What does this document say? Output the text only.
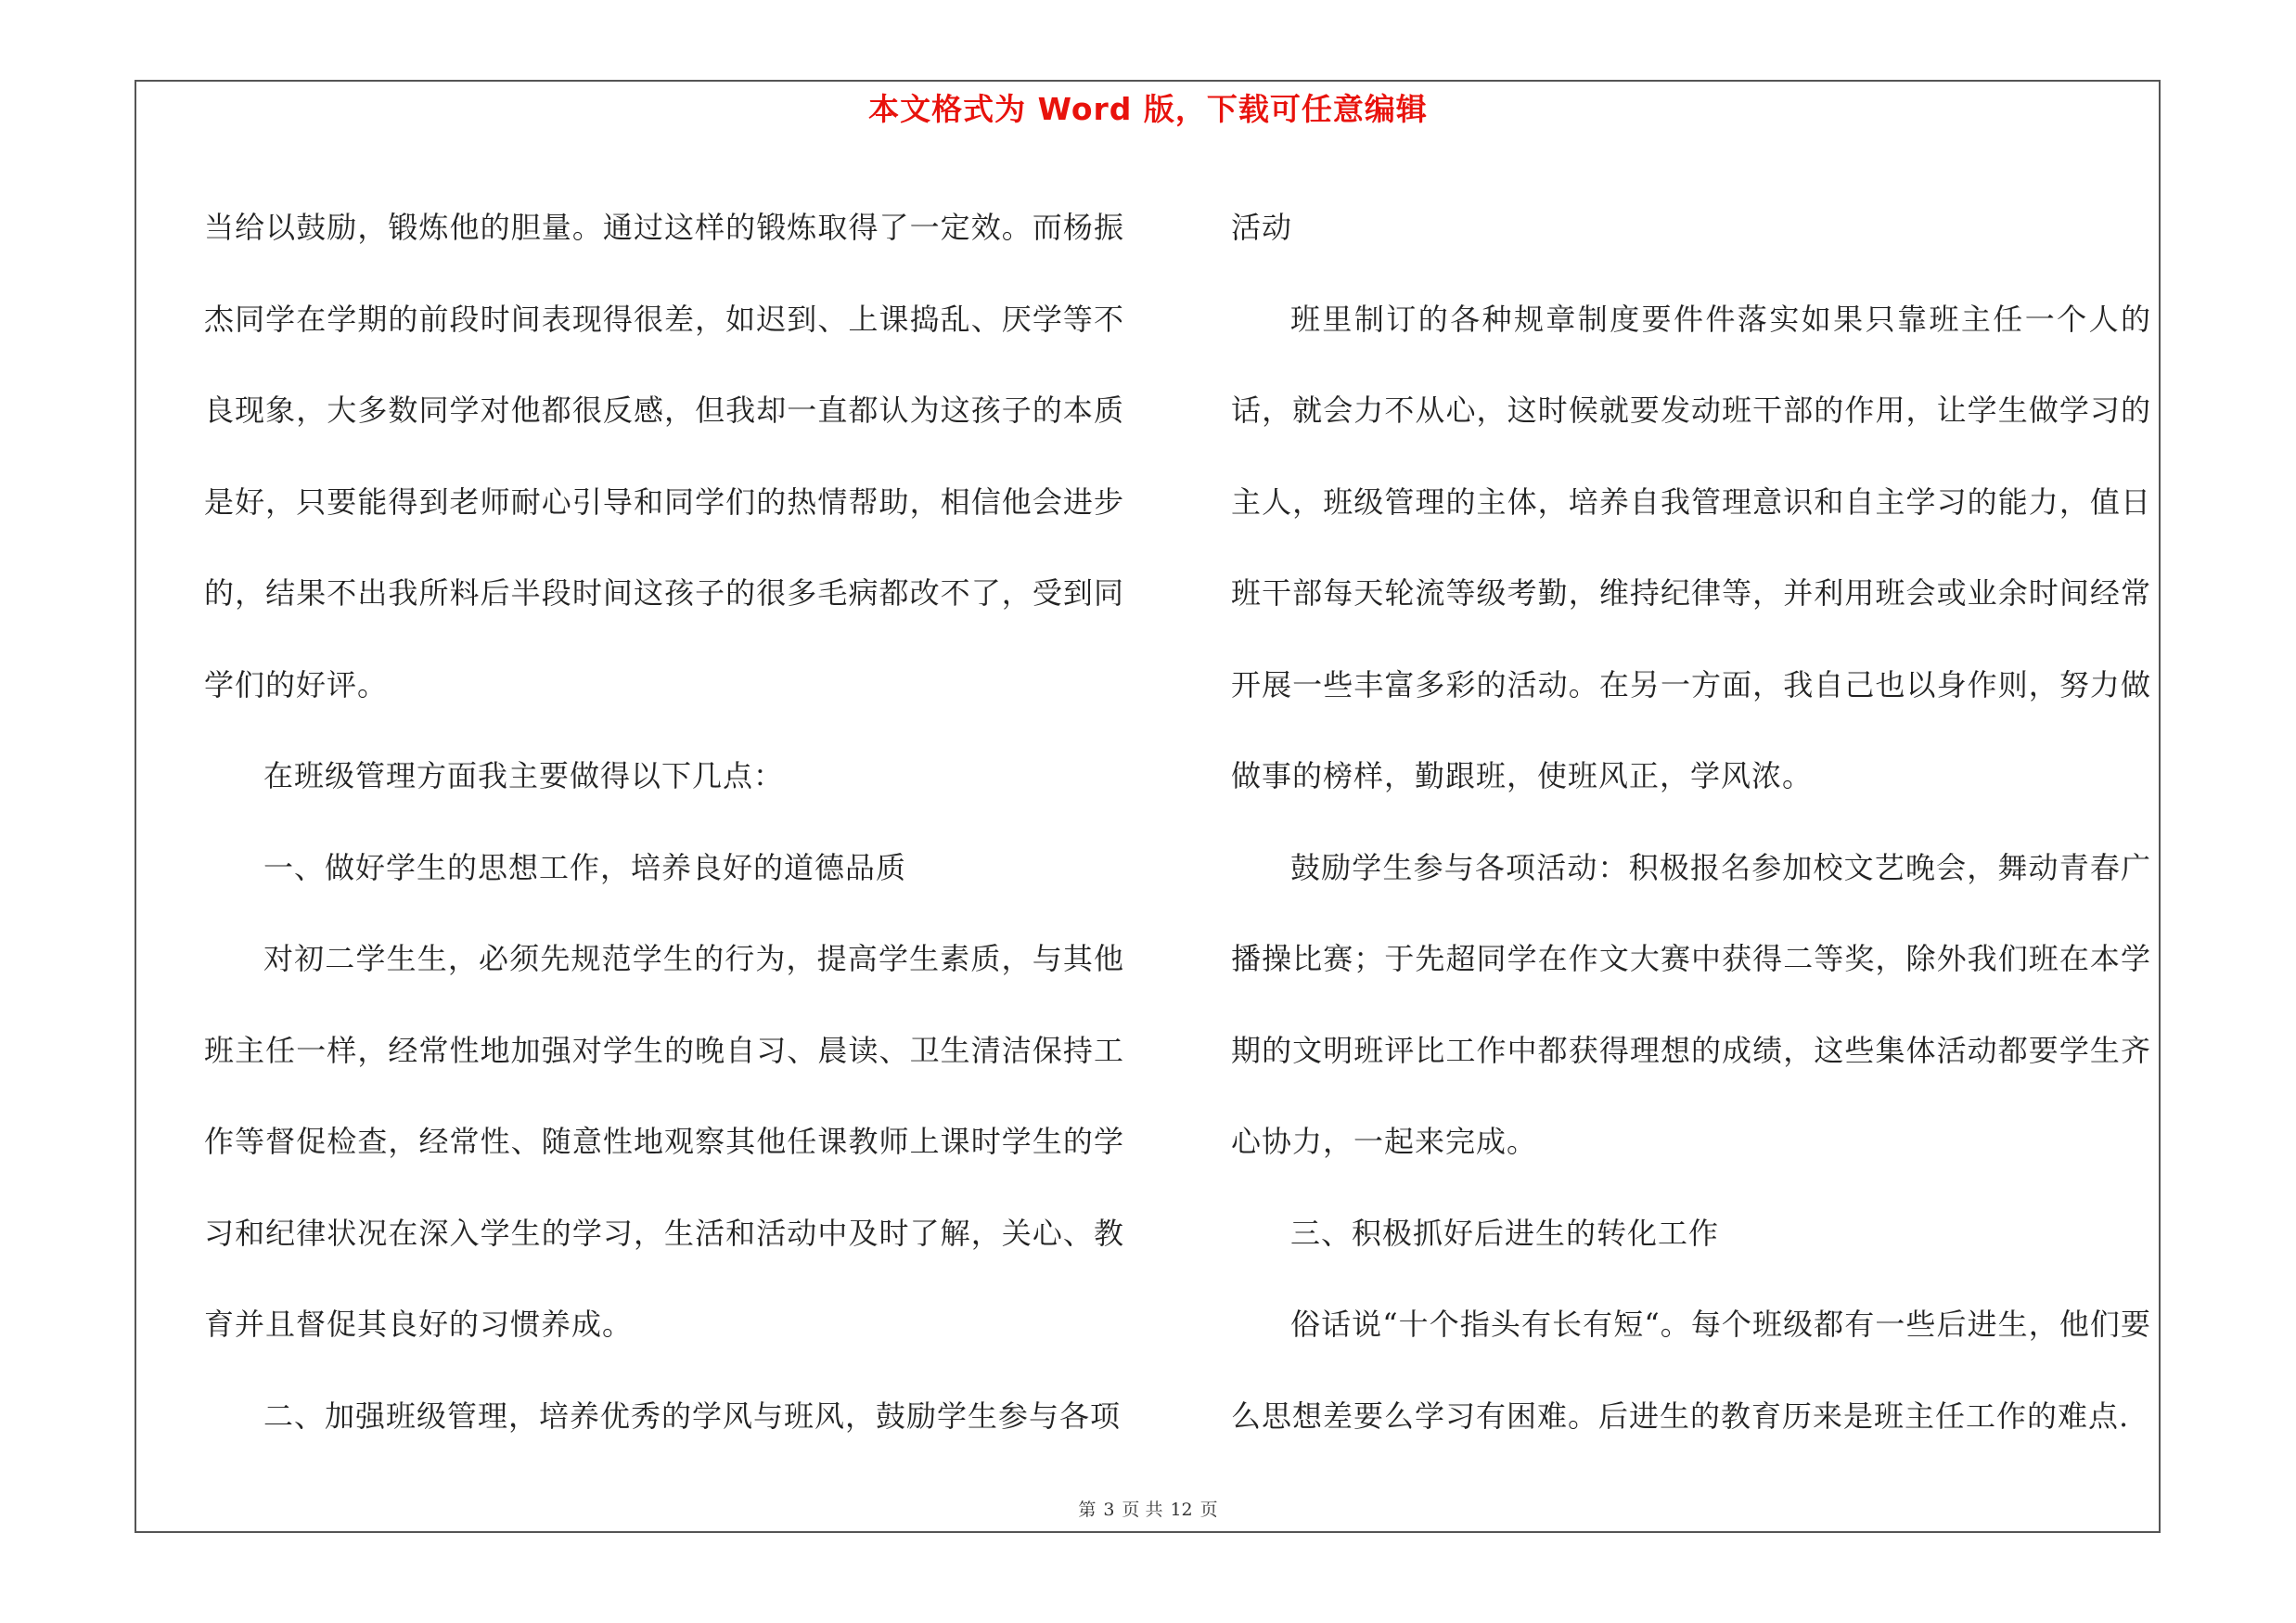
本文格式为 Word 版，下载可任意编辑

当给以鼓励，锻炼他的胆量。通过这样的锻炼取得了一定效。而杨振杰同学在学期的前段时间表现得很差，如迟到、上课捣乱、厌学等不良现象，大多数同学对他都很反感，但我却一直都认为这孩子的本质是好，只要能得到老师耐心引导和同学们的热情帮助，相信他会进步的，结果不出我所料后半段时间这孩子的很多毛病都改不了，受到同学们的好评。

在班级管理方面我主要做得以下几点：

一、做好学生的思想工作，培养良好的道德品质

对初二学生生，必须先规范学生的行为，提高学生素质，与其他班主任一样，经常性地加强对学生的晚自习、晨读、卫生清洁保持工作等督促检查，经常性、随意性地观察其他任课教师上课时学生的学习和纪律状况在深入学生的学习，生活和活动中及时了解，关心、教育并且督促其良好的习惯养成。

二、加强班级管理，培养优秀的学风与班风，鼓励学生参与各项

活动

班里制订的各种规章制度要件件落实如果只靠班主任一个人的话，就会力不从心，这时候就要发动班干部的作用，让学生做学习的主人，班级管理的主体，培养自我管理意识和自主学习的能力，值日班干部每天轮流等级考勤，维持纪律等，并利用班会或业余时间经常开展一些丰富多彩的活动。在另一方面，我自己也以身作则，努力做做事的榜样，勤跟班，使班风正，学风浓。

鼓励学生参与各项活动：积极报名参加校文艺晚会，舞动青春广播操比赛；于先超同学在作文大赛中获得二等奖，除外我们班在本学期的文明班评比工作中都获得理想的成绩，这些集体活动都要学生齐心协力，一起来完成。

三、积极抓好后进生的转化工作

俗话说“十个指头有长有短“。每个班级都有一些后进生，他们要么思想差要么学习有困难。后进生的教育历来是班主任工作的难点.

第 3 页 共 12 页
